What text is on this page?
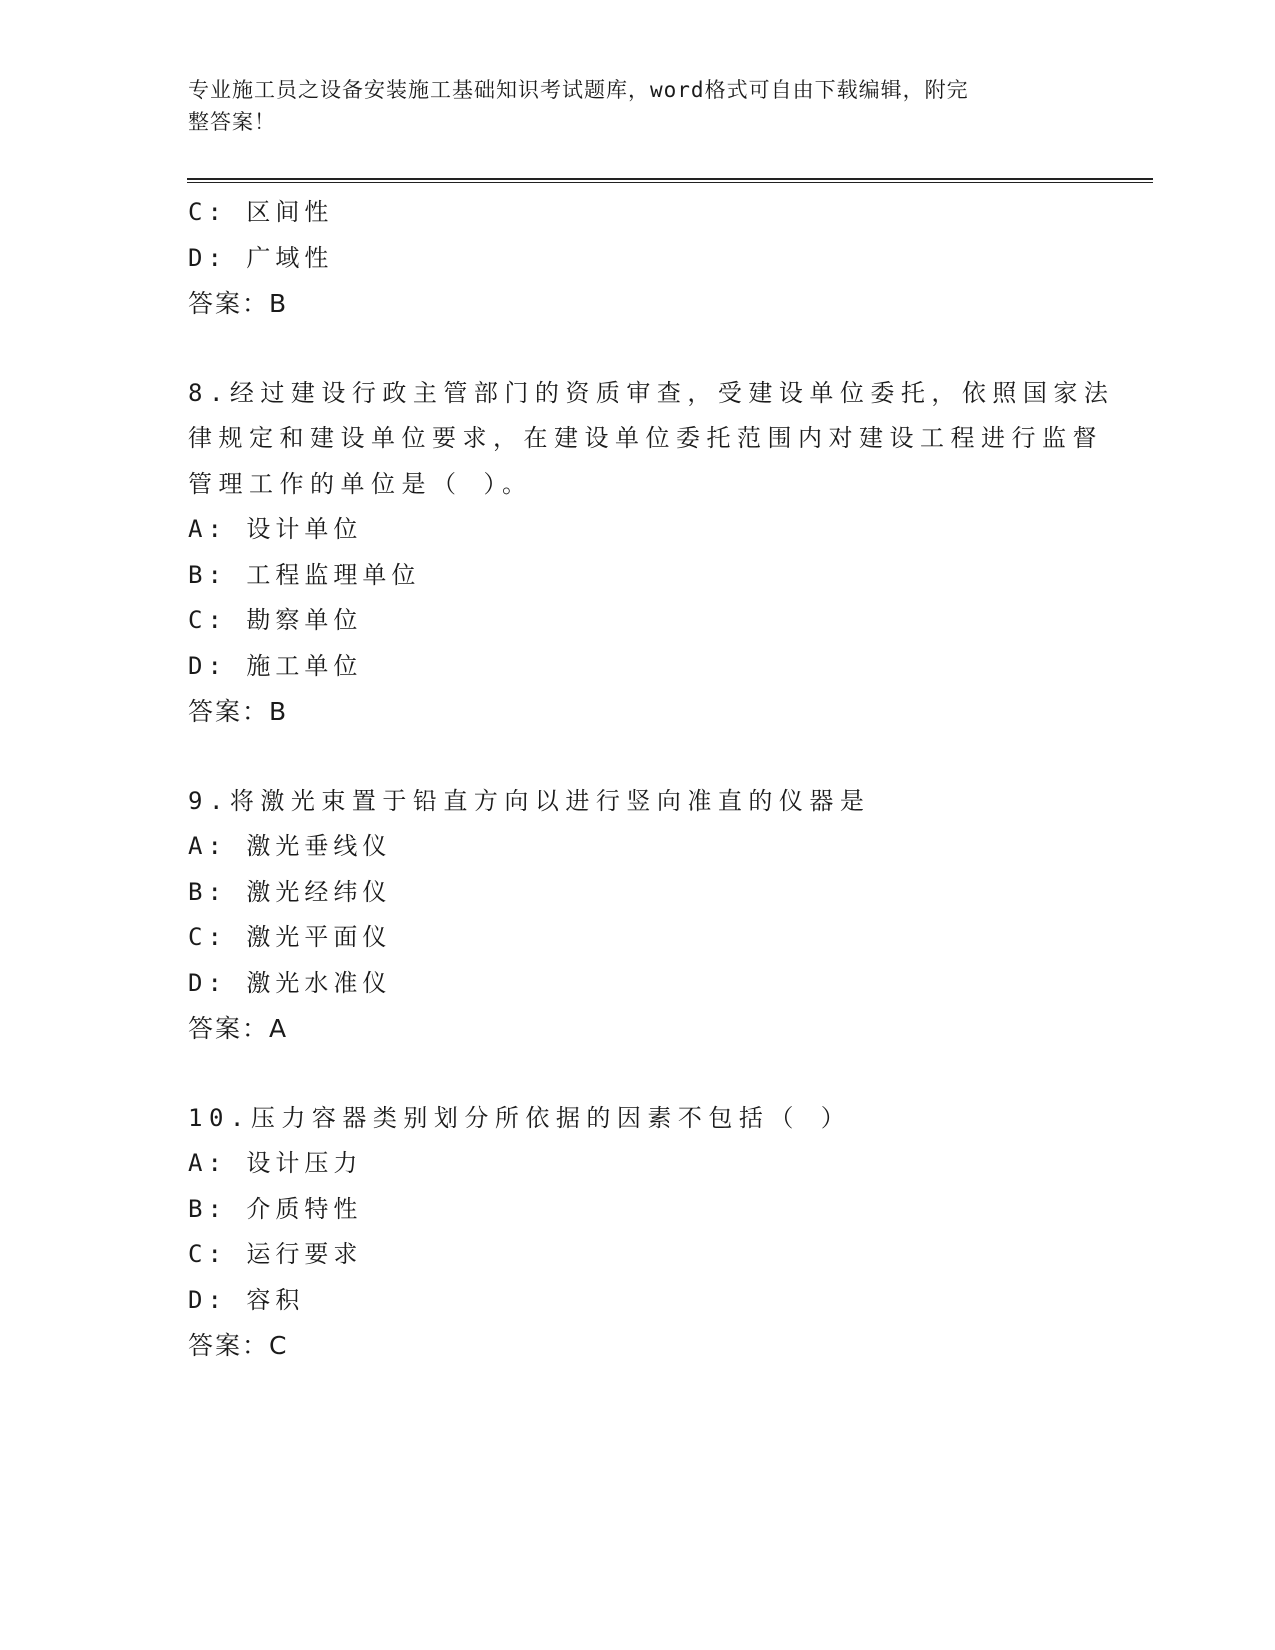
专业施工员之设备安装施工基础知识考试题库，word格式可自由下载编辑，附完
整答案！
C: 区间性
D: 广域性
答案：B
8.经过建设行政主管部门的资质审查，受建设单位委托，依照国家法
律规定和建设单位要求，在建设单位委托范围内对建设工程进行监督
管理工作的单位是（ ）。
A: 设计单位
B: 工程监理单位
C: 勘察单位
D: 施工单位
答案：B
9.将激光束置于铅直方向以进行竖向准直的仪器是
A: 激光垂线仪
B: 激光经纬仪
C: 激光平面仪
D: 激光水准仪
答案：A
10.压力容器类别划分所依据的因素不包括（ ）
A: 设计压力
B: 介质特性
C: 运行要求
D: 容积
答案：C
